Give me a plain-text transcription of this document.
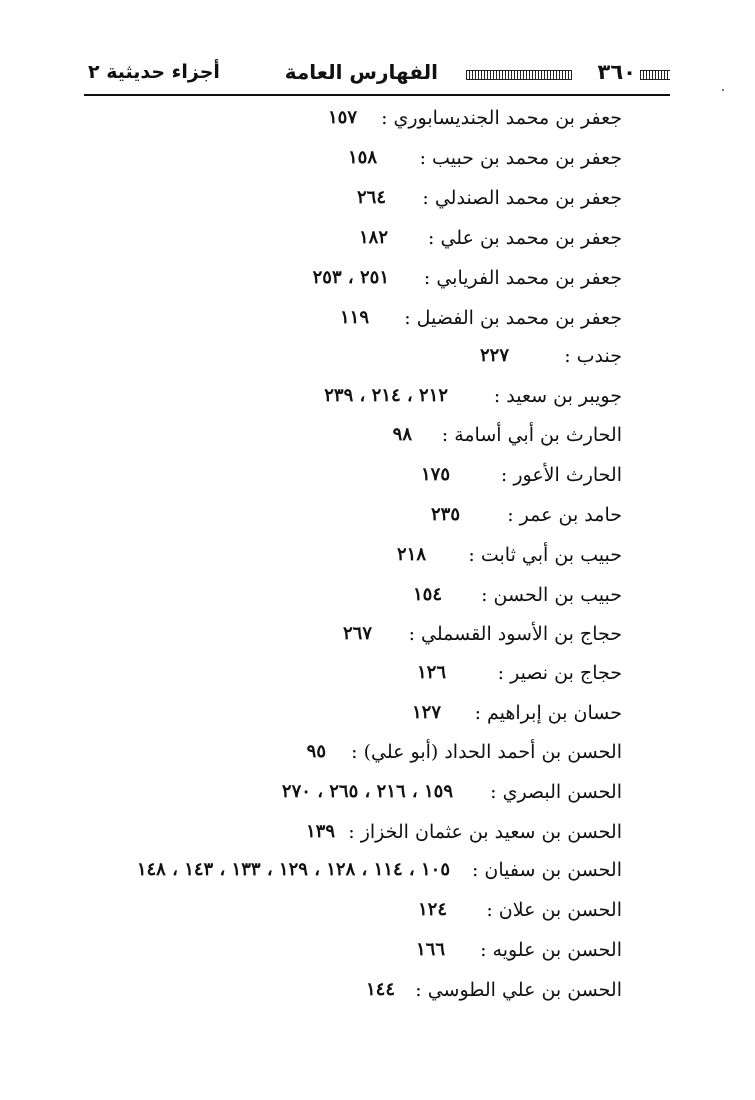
٣٦٠
الفهارس العامة
أجزاء حديثية ٢
جعفر بن محمد الجنديسابوري :
١٥٧
جعفر بن محمد بن حبيب :
١٥٨
جعفر بن محمد الصندلي :
٢٦٤
جعفر بن محمد بن علي :
١٨٢
جعفر بن محمد الفريابي :
٢٥١ ، ٢٥٣
جعفر بن محمد بن الفضيل :
١١٩
جندب :
٢٢٧
جويبر بن سعيد :
٢١٢ ، ٢١٤ ، ٢٣٩
الحارث بن أبي أسامة :
٩٨
الحارث الأعور :
١٧٥
حامد بن عمر :
٢٣٥
حبيب بن أبي ثابت :
٢١٨
حبيب بن الحسن :
١٥٤
حجاج بن الأسود القسملي :
٢٦٧
حجاج بن نصير :
١٢٦
حسان بن إبراهيم :
١٢٧
الحسن بن أحمد الحداد (أبو علي) :
٩٥
الحسن البصري :
١٥٩ ، ٢١٦ ، ٢٦٥ ، ٢٧٠
الحسن بن سعيد بن عثمان الخزاز :
١٣٩
الحسن بن سفيان :
١٠٥ ، ١١٤ ، ١٢٨ ، ١٢٩ ، ١٣٣ ، ١٤٣ ، ١٤٨
الحسن بن علان :
١٢٤
الحسن بن علويه :
١٦٦
الحسن بن علي الطوسي :
١٤٤
